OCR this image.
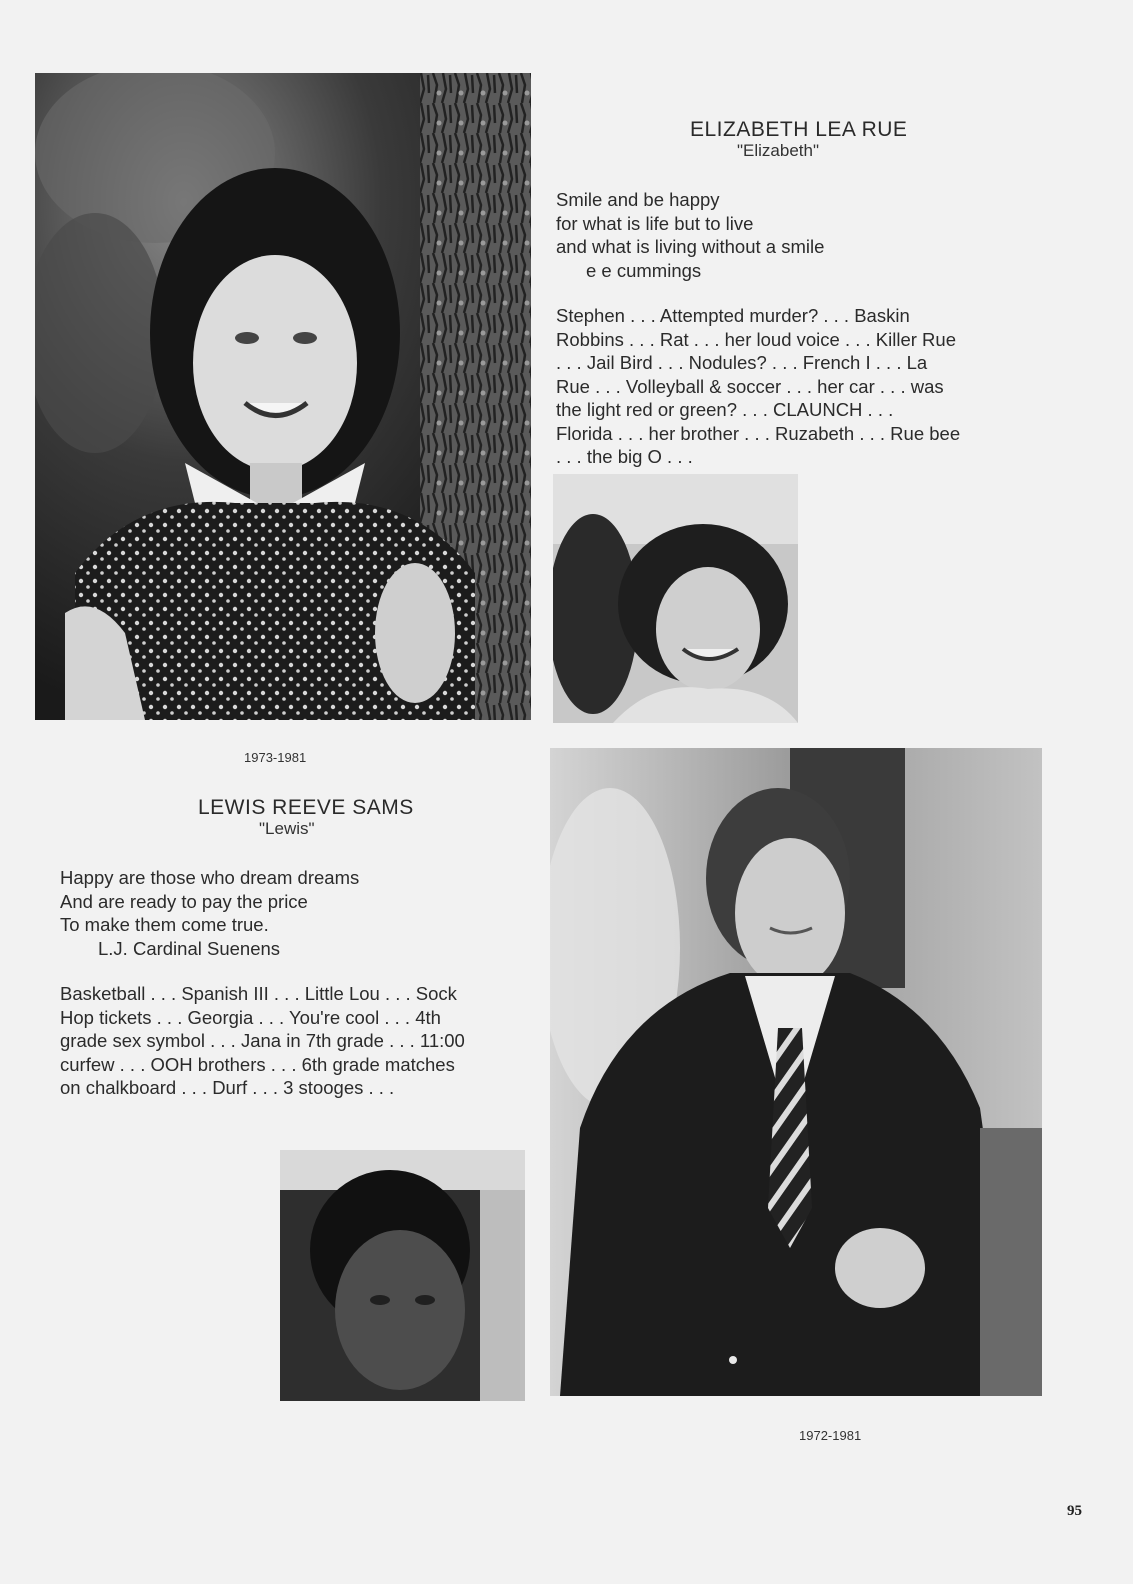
ELIZABETH LEA RUE
"Elizabeth"
Smile and be happy
for what is life but to live
and what is living without a smile
e e cummings
Stephen . . . Attempted murder? . . . Baskin
Robbins . . . Rat . . . her loud voice . . . Killer Rue
. . . Jail Bird . . . Nodules? . . . French I . . . La
Rue . . . Volleyball & soccer . . . her car . . . was
the light red or green? . . . CLAUNCH . . .
Florida . . . her brother . . . Ruzabeth . . . Rue bee
. . . the big O . . .
1973-1981
LEWIS REEVE SAMS
"Lewis"
Happy are those who dream dreams
And are ready to pay the price
To make them come true.
L.J. Cardinal Suenens
Basketball . . . Spanish III . . . Little Lou . . . Sock
Hop tickets . . . Georgia . . . You're cool . . . 4th
grade sex symbol . . . Jana in 7th grade . . . 11:00
curfew . . . OOH brothers . . . 6th grade matches
on chalkboard . . . Durf . . . 3 stooges . . .
1972-1981
95
